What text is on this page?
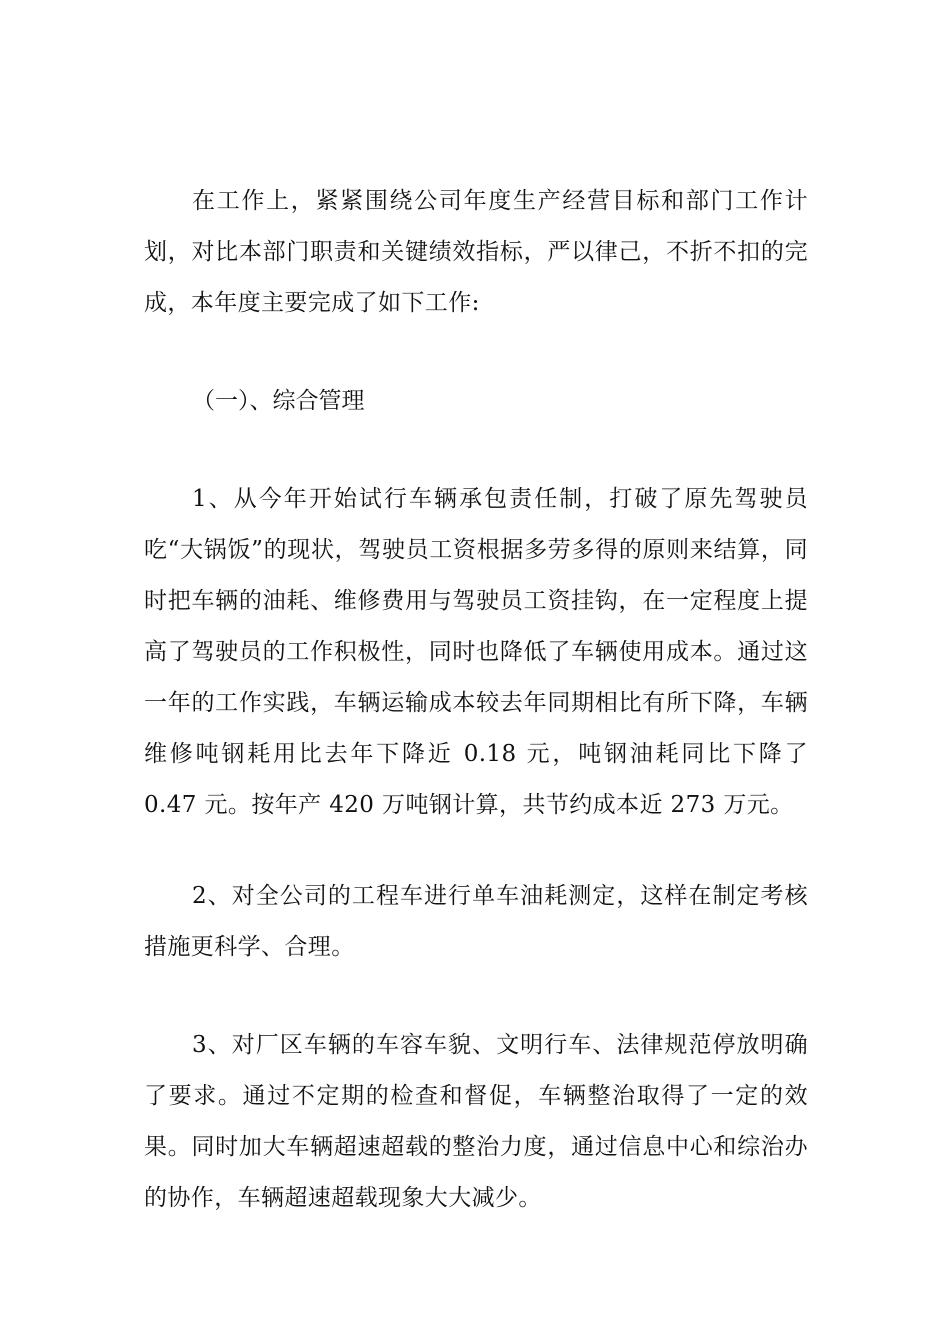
在工作上，紧紧围绕公司年度生产经营目标和部门工作计划，对比本部门职责和关键绩效指标，严以律己，不折不扣的完成，本年度主要完成了如下工作:

（一）、综合管理

1、从今年开始试行车辆承包责任制，打破了原先驾驶员吃“大锅饭”的现状，驾驶员工资根据多劳多得的原则来结算，同时把车辆的油耗、维修费用与驾驶员工资挂钩，在一定程度上提高了驾驶员的工作积极性，同时也降低了车辆使用成本。通过这一年的工作实践，车辆运输成本较去年同期相比有所下降，车辆维修吨钢耗用比去年下降近 0.18 元，吨钢油耗同比下降了 0.47 元。按年产 420 万吨钢计算，共节约成本近 273 万元。

2、对全公司的工程车进行单车油耗测定，这样在制定考核措施更科学、合理。

3、对厂区车辆的车容车貌、文明行车、法律规范停放明确了要求。通过不定期的检查和督促，车辆整治取得了一定的效果。同时加大车辆超速超载的整治力度，通过信息中心和综治办的协作，车辆超速超载现象大大减少。
